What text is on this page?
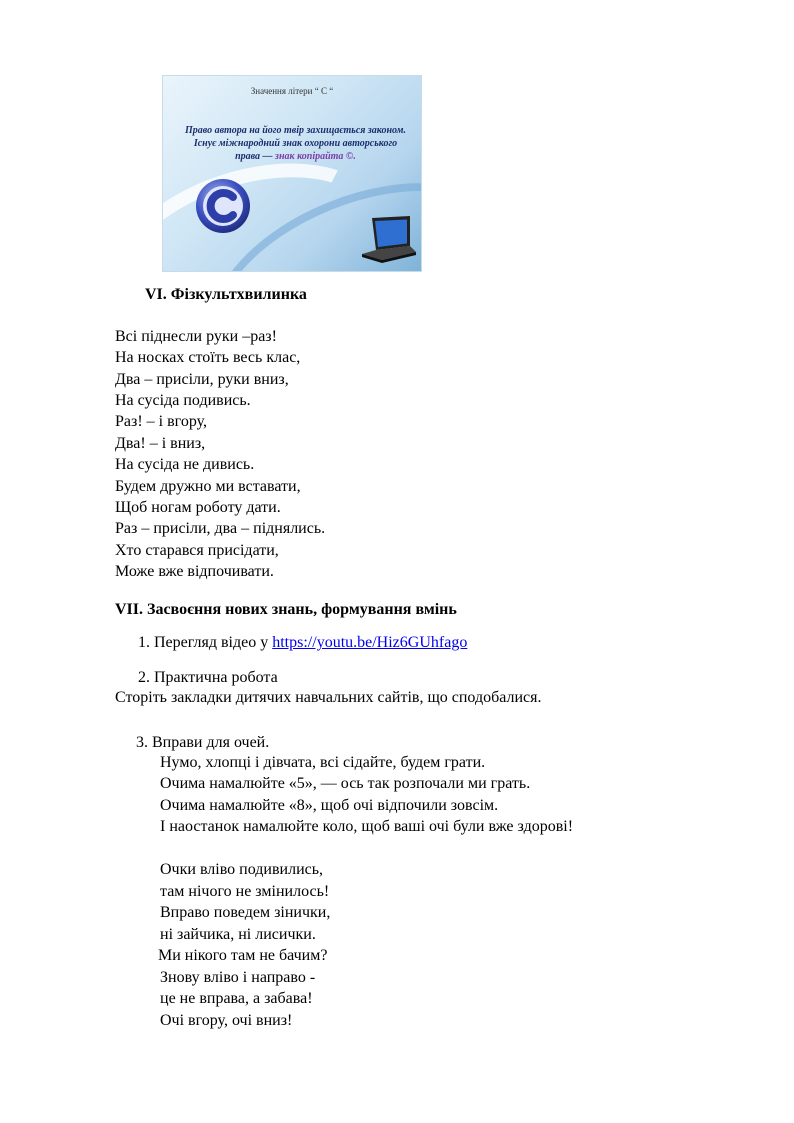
Значення літери “ С “
Право автора на його твір захищається законом. Існує міжнародний знак охорони авторського права — знак копірайта ©.
VI. Фізкультхвилинка
Всі піднесли руки –раз!
На носках стоїть весь клас,
Два – присіли, руки вниз,
На сусіда подивись.
Раз! – і вгору,
Два! – і вниз,
На сусіда не дивись.
Будем дружно ми вставати,
Щоб ногам роботу дати.
Раз – присіли, два – піднялись.
Хто старався присідати,
Може вже відпочивати.
VII. Засвоєння нових знань, формування вмінь
1. Перегляд відео у https://youtu.be/Hiz6GUhfago
2. Практична робота
Сторіть закладки дитячих навчальних сайтів, що сподобалися.
3. Вправи для очей.
Нумо, хлопці і дівчата, всі сідайте, будем грати.
Очима намалюйте «5», — ось так розпочали ми грать.
Очима намалюйте «8», щоб очі відпочили зовсім.
І наостанок намалюйте коло, щоб ваші очі були вже здорові!
Очки вліво подивились,
там нічого не змінилось!
Вправо поведем зінички,
ні зайчика, ні лисички.
Ми нікого там не бачим?
Знову вліво і направо -
це не вправа, а забава!
Очі вгору, очі вниз!
